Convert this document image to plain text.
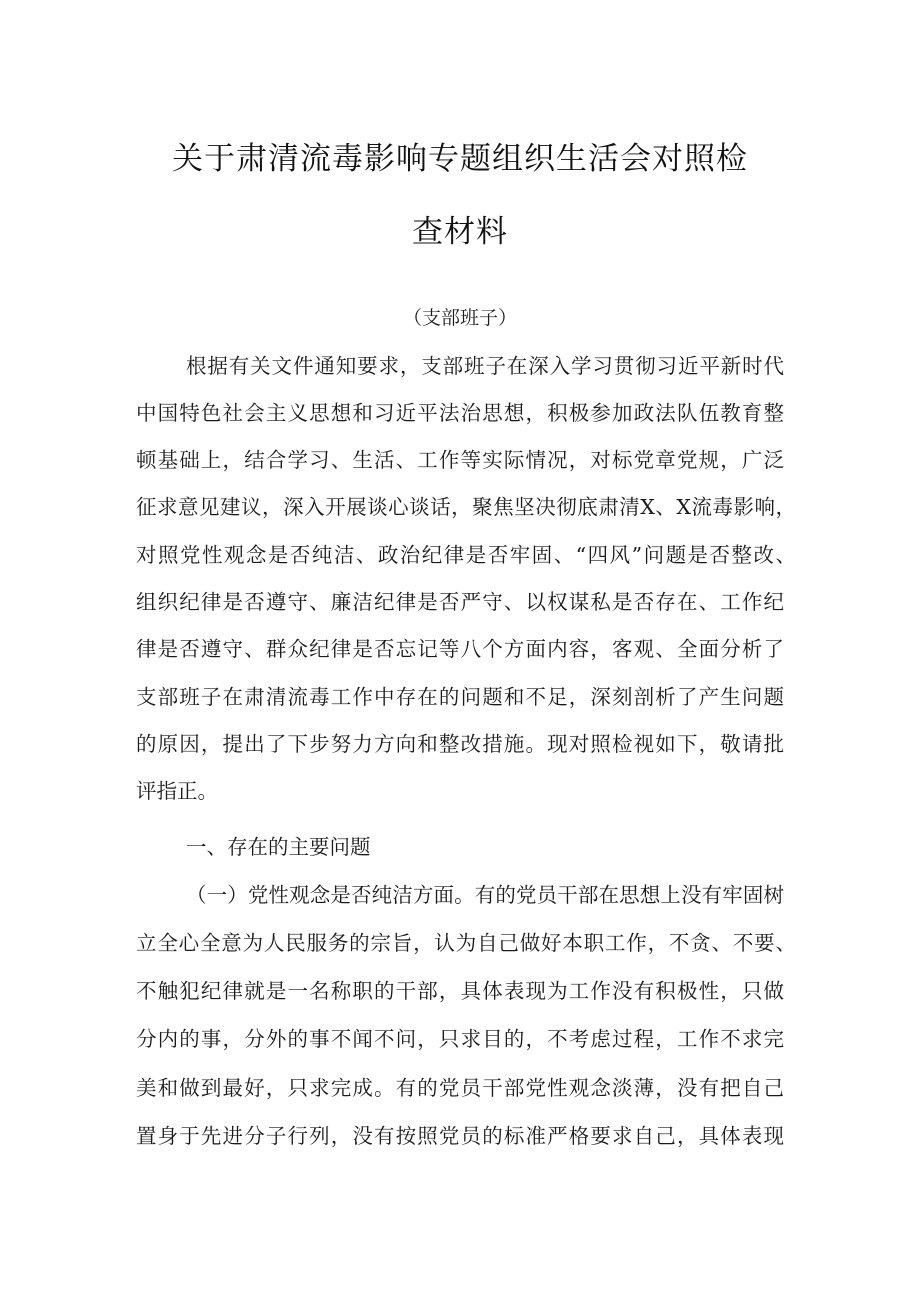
关于肃清流毒影响专题组织生活会对照检
查材料
（支部班子）
根据有关文件通知要求，支部班子在深入学习贯彻习近平新时代
中国特色社会主义思想和习近平法治思想，积极参加政法队伍教育整
顿基础上，结合学习、生活、工作等实际情况，对标党章党规，广泛
征求意见建议，深入开展谈心谈话，聚焦坚决彻底肃清X、X流毒影响，
对照党性观念是否纯洁、政治纪律是否牢固、“四风”问题是否整改、
组织纪律是否遵守、廉洁纪律是否严守、以权谋私是否存在、工作纪
律是否遵守、群众纪律是否忘记等八个方面内容，客观、全面分析了
支部班子在肃清流毒工作中存在的问题和不足，深刻剖析了产生问题
的原因，提出了下步努力方向和整改措施。现对照检视如下，敬请批
评指正。
一、存在的主要问题
（一）党性观念是否纯洁方面。有的党员干部在思想上没有牢固树
立全心全意为人民服务的宗旨，认为自己做好本职工作，不贪、不要、
不触犯纪律就是一名称职的干部，具体表现为工作没有积极性，只做
分内的事，分外的事不闻不问，只求目的，不考虑过程，工作不求完
美和做到最好，只求完成。有的党员干部党性观念淡薄，没有把自己
置身于先进分子行列，没有按照党员的标准严格要求自己，具体表现
